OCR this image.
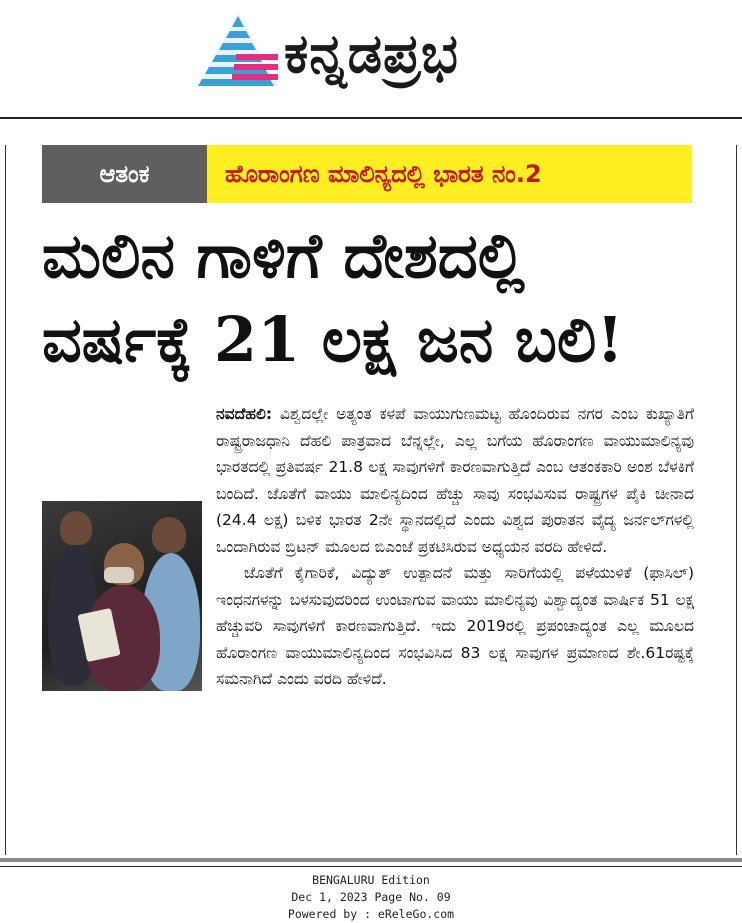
ಕನ್ನಡಪ್ರಭ
ಆತಂಕ	ಹೊರಾಂಗಣ ಮಾಲಿನ್ಯದಲ್ಲಿ ಭಾರತ ನಂ.2
ಮಲಿನ ಗಾಳಿಗೆ ದೇಶದಲ್ಲಿ
ವರ್ಷಕ್ಕೆ 21 ಲಕ್ಷ ಜನ ಬಲಿ!

ನವದೆಹಲಿ: ವಿಶ್ವದಲ್ಲೇ ಅತ್ಯಂತ ಕಳಪೆ ವಾಯುಗುಣಮಟ್ಟ ಹೊಂದಿರುವ ನಗರ ಎಂಬ ಕುಖ್ಯಾತಿಗೆ ರಾಷ್ಟ್ರರಾಜಧಾನಿ ದೆಹಲಿ ಪಾತ್ರವಾದ ಬೆನ್ನಲ್ಲೇ, ಎಲ್ಲ ಬಗೆಯ ಹೊರಾಂಗಣ ವಾಯುಮಾಲಿನ್ಯವು ಭಾರತದಲ್ಲಿ ಪ್ರತಿವರ್ಷ 21.8 ಲಕ್ಷ ಸಾವುಗಳಿಗೆ ಕಾರಣವಾಗುತ್ತಿದೆ ಎಂಬ ಆತಂಕಕಾರಿ ಅಂಶ ಬೆಳಕಿಗೆ ಬಂದಿದೆ. ಜೊತೆಗೆ ವಾಯು ಮಾಲಿನ್ಯದಿಂದ ಹೆಚ್ಚು ಸಾವು ಸಂಭವಿಸುವ ರಾಷ್ಟ್ರಗಳ ಪೈಕಿ ಚೀನಾದ (24.4 ಲಕ್ಷ) ಬಳಿಕ ಭಾರತ 2ನೇ ಸ್ಥಾನದಲ್ಲಿದೆ ಎಂದು ವಿಶ್ವದ ಪುರಾತನ ವೈದ್ಯ ಜರ್ನಲ್‌ಗಳಲ್ಲಿ ಒಂದಾಗಿರುವ ಬ್ರಿಟನ್ ಮೂಲದ ಬಿಎಂಜೆ ಪ್ರಕಟಿಸಿರುವ ಅಧ್ಯಯನ ವರದಿ ಹೇಳಿದೆ.

ಜೊತೆಗೆ ಕೈಗಾರಿಕೆ, ವಿದ್ಯುತ್ ಉತ್ಪಾದನೆ ಮತ್ತು ಸಾರಿಗೆಯಲ್ಲಿ ಪಳೆಯುಳಿಕೆ (ಫಾಸಿಲ್) ಇಂಧನಗಳನ್ನು ಬಳಸುವುದರಿಂದ ಉಂಟಾಗುವ ವಾಯು ಮಾಲಿನ್ಯವು ವಿಶ್ವಾದ್ಯಂತ ವಾರ್ಷಿಕ 51 ಲಕ್ಷ ಹೆಚ್ಚುವರಿ ಸಾವುಗಳಿಗೆ ಕಾರಣವಾಗುತ್ತಿದೆ. ಇದು 2019ರಲ್ಲಿ ಪ್ರಪಂಚಾದ್ಯಂತ ಎಲ್ಲ ಮೂಲದ ಹೊರಾಂಗಣ ವಾಯುಮಾಲಿನ್ಯದಿಂದ ಸಂಭವಿಸಿದ 83 ಲಕ್ಷ ಸಾವುಗಳ ಪ್ರಮಾಣದ ಶೇ.61ರಷ್ಟಕ್ಕೆ ಸಮನಾಗಿದೆ ಎಂದು ವರದಿ ಹೇಳಿದೆ.

BENGALURU Edition
Dec 1, 2023 Page No. 09
Powered by : eReleGo.com
